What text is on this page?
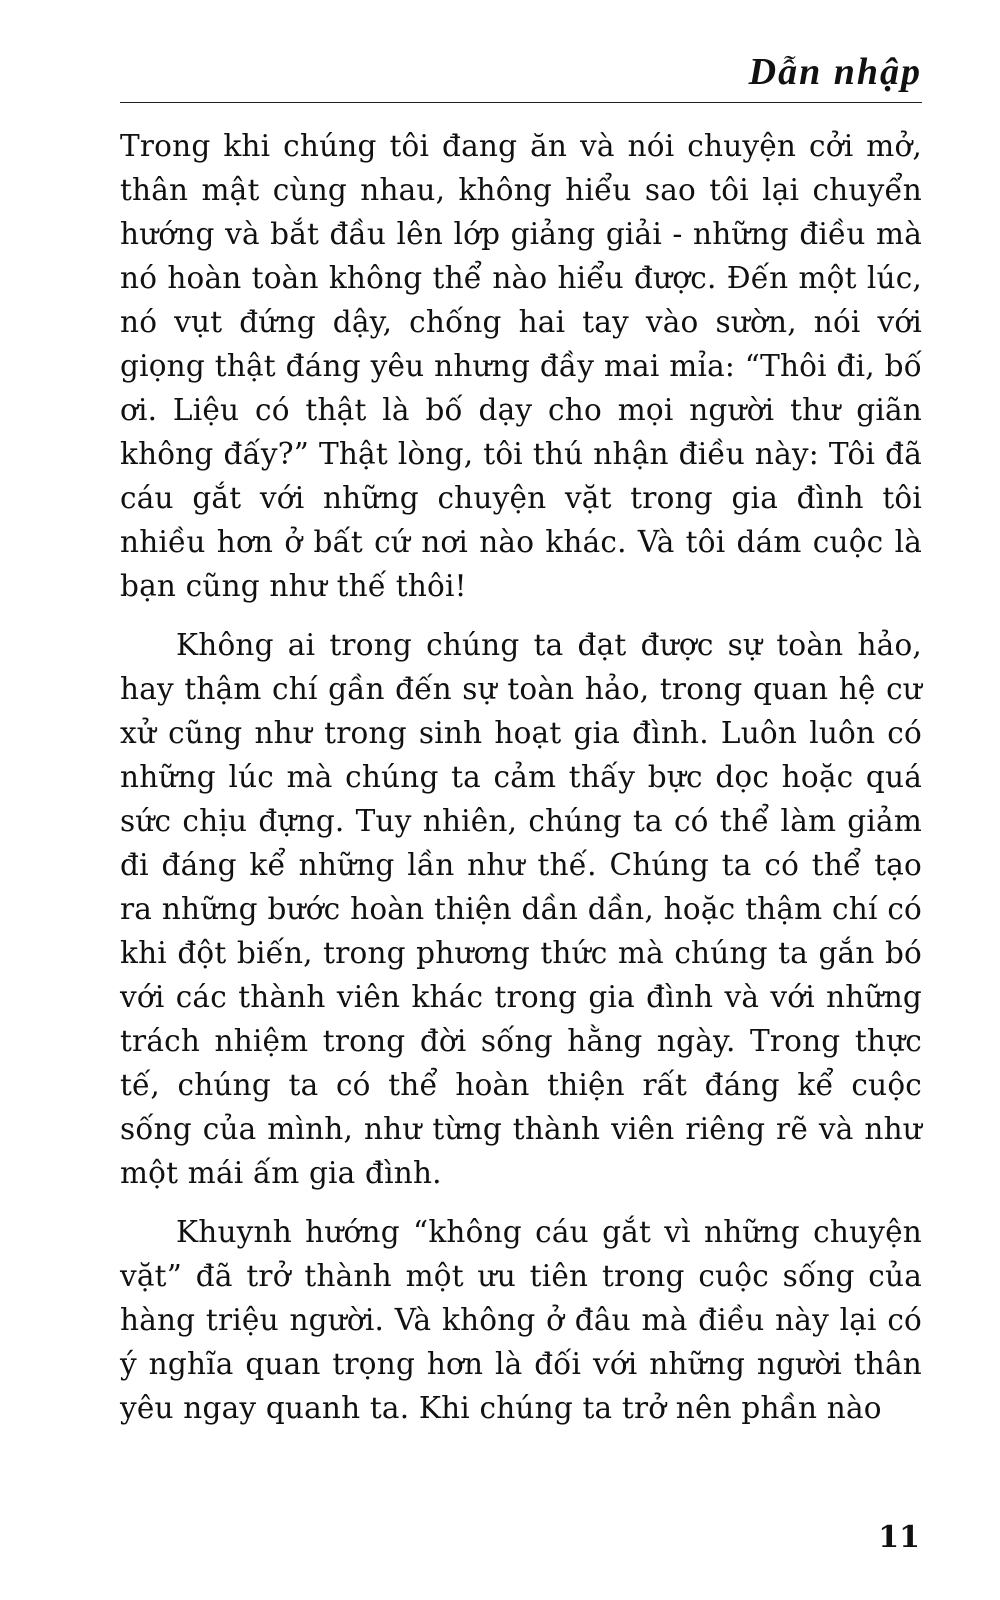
Dẫn nhập

Trong khi chúng tôi đang ăn và nói chuyện cởi mở, thân mật cùng nhau, không hiểu sao tôi lại chuyển hướng và bắt đầu lên lớp giảng giải - những điều mà nó hoàn toàn không thể nào hiểu được. Đến một lúc, nó vụt đứng dậy, chống hai tay vào sườn, nói với giọng thật đáng yêu nhưng đầy mai mỉa: “Thôi đi, bố ơi. Liệu có thật là bố dạy cho mọi người thư giãn không đấy?” Thật lòng, tôi thú nhận điều này: Tôi đã cáu gắt với những chuyện vặt trong gia đình tôi nhiều hơn ở bất cứ nơi nào khác. Và tôi dám cuộc là bạn cũng như thế thôi!

Không ai trong chúng ta đạt được sự toàn hảo, hay thậm chí gần đến sự toàn hảo, trong quan hệ cư xử cũng như trong sinh hoạt gia đình. Luôn luôn có những lúc mà chúng ta cảm thấy bực dọc hoặc quá sức chịu đựng. Tuy nhiên, chúng ta có thể làm giảm đi đáng kể những lần như thế. Chúng ta có thể tạo ra những bước hoàn thiện dần dần, hoặc thậm chí có khi đột biến, trong phương thức mà chúng ta gắn bó với các thành viên khác trong gia đình và với những trách nhiệm trong đời sống hằng ngày. Trong thực tế, chúng ta có thể hoàn thiện rất đáng kể cuộc sống của mình, như từng thành viên riêng rẽ và như một mái ấm gia đình.

Khuynh hướng “không cáu gắt vì những chuyện vặt” đã trở thành một ưu tiên trong cuộc sống của hàng triệu người. Và không ở đâu mà điều này lại có ý nghĩa quan trọng hơn là đối với những người thân yêu ngay quanh ta. Khi chúng ta trở nên phần nào

11
